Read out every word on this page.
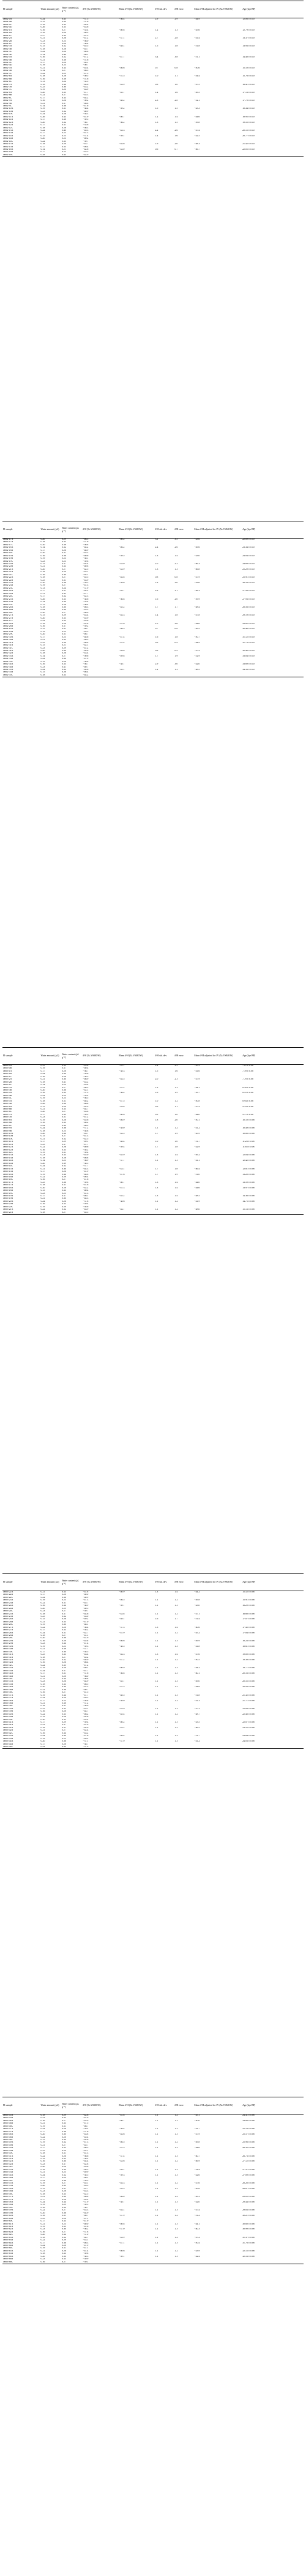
FI sample	Water amount (μL)	Water content (μL g⁻¹)	δ²H (‰ VSMOW)	Mean δ²H (‰ VSMOW)	δ²H std. dev.	δ²H error	Mean δ²H adjusted for IV (‰ VSMOW)	Age (kyr BP)
Mm2-0A	0.24	0.45	−37.5	−36.4	2.9	2.9	−44.9	12.06 ± 0.10
Mm2-0B	0.15	0.32	−37.6					
Mm2-0C	0.18	0.33	−44.4					
Mm2-0D	0.26	0.35	−43.6					
Mm2-1A	0.16	0.27	−35.4	−40.8	1.2	1.3	−45.6	12.79 ± 0.10
Mm2-1B	0.18	0.24	−40.9					
Mm2-1C	0.27	0.39	−41.5					
Mm2-2A	0.21	0.26	−41.2	−37.1	2.7	2.8	−41.4	13.37 ± 0.10
Mm2-2B	0.23	0.23	−36.0					
Mm2-2C	0.13	0.24	−38.4					
Mm2-3A	0.15	0.32	−45.5	−48.1	1.5	1.8	−51.8	13.93 ± 0.10
Mm2-3B	0.18	0.28	−45.7					
Mm2-3C	0.22	0.24	−48.8					
Mm2-3D	0.14	0.48	−40.1					
Mm2-4A	0.16	0.32	−47.2	−47.7	3.4	3.8	−51.1	14.48 ± 0.10
Mm2-4B	0.21	0.38	−51.6					
Mm2-4C	0.17	0.28	−44.1					
Mm2-4D	0.19	0.23	−50.7					
Mm2-5A	0.21	0.33	−45.4	−46.6	0.7	0.8	−50.6	15.10 ± 0.10
Mm2-5B	0.14	0.27	−46.5					
Mm2-5C	0.22	0.25	−47.5					
Mm2-6A	0.18	0.28	−50.5	−51.5	1.0	1.1	−54.4	15.76 ± 0.10
Mm2-6B	0.16	0.38	−51.6					
Mm2-6C	0.13	0.24	−52.5					
Mm2-7A	0.18	0.34	−44.6	−43.9	0.8	1.0	−47.5	16.41 ± 0.10
Mm2-7B	0.25	0.30	−43.2					
Mm2-7C	0.19	0.20	−43.9					
Mm2-8A	0.20	0.35	−47.7	−45.7	1.4	1.6	−49.5	17.13 ± 0.10
Mm2-8B	0.22	0.27	−45.3					
Mm2-8C	0.17	0.33	−44.2					
Mm2-9A	0.16	0.26	−50.2	−48.2	2.3	2.8	−52.1	17.70 ± 0.10
Mm2-9B	0.21	0.37	−46.8					
Mm2-9C	0.14	0.36	−47.6					
Mm2-10A	0.19	0.31	−38.4	−39.2	1.5	1.5	−43.3	18.34 ± 0.10
Mm2-10B	0.23	0.32	−40.9					
Mm2-10C	0.24	0.28	−38.3					
Mm2-11A	0.26	0.43	−41.9	−40.7	1.2	1.4	−44.6	18.95 ± 0.10
Mm2-11B	0.17	0.38	−39.5					
Mm2-12A	0.20	0.32	−36.7	−36.2	1.3	1.5	−39.8	19.55 ± 0.10
Mm2-12B	0.17	0.31	−35.6					
Mm2-12C	0.18	0.28	−36.3					
Mm2-13A	0.22	0.40	−45.3	−43.3	2.2	2.6	−47.4	20.15 ± 0.10
Mm2-13B	0.17	0.25	−41.3					
Mm2-14A	0.15	0.25	−37.4	−39.1	1.4	1.6	−42.5	20.77 ± 0.10
Mm2-14B	0.20	0.23	−40.2					
Mm2-14C	0.22	0.35	−39.7					
Mm2-15A	0.18	0.29	−43.7	−44.6	1.9	2.0	−48.3	21.42 ± 0.10
Mm2-15B	0.17	0.35	−46.4					
Mm2-16A	0.14	0.21	−42.6	−43.0	0.6	0.7	−46.7	22.05 ± 0.10
Mm2-16B	0.17	0.25	−43.5					
Mm2-16C	0.28	0.43	−42.9					
FI sample	Water amount (μL)	Water content (μL g⁻¹)	δ²H (‰ VSMOW)	Mean δ²H (‰ VSMOW)	δ²H std. dev.	δ²H error	Mean δ²H adjusted for IV (‰ VSMOW)	Age (kyr BP)
Mm2-17A	0.20	0.29	−46.5	−40.2	3.1	3.5	−43.6	22.69 ± 0.10
Mm2-17B	0.18	0.33	−37.6					
Mm2-17C	0.20	0.38	−36.8					
Mm2-18A	0.14	0.32	−44.2	−46.2	2.4	2.6	−49.6	23.34 ± 0.10
Mm2-18B	0.17	0.26	−48.9					
Mm2-18C	0.20	0.31	−45.3					
Mm2-19A	0.16	0.36	−40.6	−39.5	1.3	1.4	−43.0	24.04 ± 0.10
Mm2-19B	0.19	0.23	−38.1					
Mm2-19C	0.23	0.25	−39.8					
Mm2-20A	0.15	0.37	−44.4	−43.0	2.0	2.2	−46.3	24.69 ± 0.10
Mm2-20B	0.21	0.33	−40.8					
Mm2-21A	0.20	0.27	−42.5	−43.9	1.3	1.3	−46.8	25.29 ± 0.10
Mm2-21B	0.18	0.29	−45.1					
Mm2-21C	0.16	0.30	−44.1					
Mm2-22A	0.18	0.27	−45.5	−44.8	0.8	0.8	−47.9	25.91 ± 0.10
Mm2-22B	0.25	0.31	−43.9					
Mm2-23A	0.20	0.36	−39.5	−39.6	1.8	2.0	−43.6	26.59 ± 0.10
Mm2-23B	0.19	0.27	−41.3					
Mm2-23C	0.13	0.24	−37.9					
Mm2-24A	0.17	0.31	−44.2	−44.7	2.8	3.1	−48.3	27.26 ± 0.10
Mm2-24B	0.21	0.42	−47.7					
Mm2-24C	0.17	0.32	−42.3					
Mm2-25A	0.26	0.35	−38.6	−36.8	1.6	2.0	−39.9	27.93 ± 0.10
Mm2-25B	0.14	0.34	−35.4					
Mm2-25C	0.15	0.28	−36.4					
Mm2-26A	0.18	0.30	−46.3	−45.2	1.7	1.7	−48.4	28.56 ± 0.10
Mm2-26B	0.24	0.34	−43.3					
Mm2-26C	0.20	0.27	−46.0					
Mm2-27A	0.15	0.29	−43.4	−44.3	1.4	1.8	−47.8	29.19 ± 0.10
Mm2-27B	0.20	0.35	−45.9					
Mm2-27C	0.22	0.33	−43.6					
Mm2-28A	0.18	0.28	−42.8	−41.0	2.5	2.6	−44.6	29.82 ± 0.10
Mm2-28B	0.16	0.37	−39.2					
Mm2-29A	0.15	0.31	−46.7	−46.3	0.7	0.8	−49.5	30.48 ± 0.10
Mm2-29B	0.19	0.23	−45.5					
Mm2-29C	0.20	0.31	−46.7					
Mm2-30A	0.17	0.25	−48.6	−47.4	1.6	1.8	−50.7	31.12 ± 0.10
Mm2-30B	0.21	0.33	−46.3					
Mm2-31A	0.25	0.38	−40.8	−41.4	0.9	0.9	−44.9	31.79 ± 0.10
Mm2-31B	0.15	0.21	−42.1					
Mm2-31C	0.23	0.29	−41.2					
Mm2-32A	0.20	0.34	−44.6	−44.0	0.8	0.9	−47.2	32.40 ± 0.10
Mm2-32B	0.18	0.26	−43.4					
Mm2-33A	0.14	0.27	−50.6	−49.8	1.7	1.9	−52.9	33.04 ± 0.10
Mm2-33B	0.22	0.34	−47.9					
Mm2-33C	0.19	0.26	−50.8					
Mm2-34A	0.16	0.33	−36.7	−38.7	2.9	3.0	−42.0	33.69 ± 0.10
Mm2-34B	0.23	0.41	−40.7					
Mm2-35A	0.24	0.32	−44.6	−45.1	1.2	1.3	−48.5	34.33 ± 0.10
Mm2-35B	0.15	0.26	−46.4					
Mm2-35C	0.18	0.35	−44.2					
FI sample	Water amount (μL)	Water content (μL g⁻¹)	δ²H (‰ VSMOW)	Mean δ²H (‰ VSMOW)	δ²H std. dev.	δ²H error	Mean δ²H adjusted for IV (‰ VSMOW)	Age (kyr BP)
Mm3-0A	0.25	0.33	−43.8	−42.1	2.4	2.5	−45.2	7.01 ± 0.08
Mm3-0B	0.19	0.37	−40.4					
Mm3-1A	0.17	0.28	−36.7	−38.3	1.5	1.6	−41.6	7.39 ± 0.08
Mm3-1B	0.24	0.34	−39.6					
Mm3-1C	0.16	0.26	−38.5					
Mm3-2A	0.21	0.30	−46.9	−44.5	2.0	2.3	−47.9	7.78 ± 0.08
Mm3-2B	0.18	0.41	−43.2					
Mm3-2C	0.14	0.22	−43.4					
Mm3-3A	0.23	0.27	−40.3	−41.2	1.3	1.3	−44.1	8.16 ± 0.08
Mm3-3B	0.20	0.36	−42.1					
Mm3-4A	0.16	0.33	−37.5	−36.4	1.6	1.9	−39.7	8.55 ± 0.08
Mm3-4B	0.22	0.29	−35.2					
Mm3-4C	0.19	0.25	−36.5					
Mm3-5A	0.18	0.31	−48.2	−47.5	1.0	1.2	−50.8	8.94 ± 0.08
Mm3-5B	0.26	0.38	−46.8					
Mm3-6A	0.15	0.24	−42.9	−43.8	0.9	1.1	−47.2	9.33 ± 0.08
Mm3-6B	0.21	0.35	−44.7					
Mm3-6C	0.20	0.27	−43.8					
Mm3-7A	0.17	0.39	−39.9	−40.6	0.9	1.0	−44.0	9.71 ± 0.08
Mm3-7B	0.23	0.31	−41.2					
Mm3-8A	0.19	0.28	−45.6	−46.9	1.8	2.0	−50.1	10.10 ± 0.08
Mm3-8B	0.16	0.33	−48.2					
Mm3-8C	0.22	0.30	−46.9					
Mm3-9A	0.24	0.36	−37.2	−38.0	1.1	1.2	−41.2	10.49 ± 0.08
Mm3-9B	0.18	0.25	−38.8					
Mm3-10A	0.20	0.34	−43.7	−42.5	1.7	1.9	−45.9	10.88 ± 0.08
Mm3-10B	0.15	0.27	−41.3					
Mm3-10C	0.21	0.32	−42.5					
Mm3-11A	0.17	0.29	−49.1	−48.4	1.0	1.0	−51.7	11.26 ± 0.08
Mm3-11B	0.25	0.37	−47.7					
Mm3-12A	0.22	0.26	−40.6	−39.4	1.7	1.8	−42.9	11.65 ± 0.08
Mm3-12B	0.16	0.35	−38.2					
Mm3-12C	0.19	0.31	−39.4					
Mm3-13A	0.23	0.33	−45.0	−45.9	1.3	1.4	−49.2	12.04 ± 0.08
Mm3-13B	0.18	0.28	−46.8					
Mm3-14A	0.14	0.25	−36.9	−37.7	1.1	1.3	−41.1	12.42 ± 0.08
Mm3-14B	0.20	0.39	−38.5					
Mm3-14C	0.24	0.32	−37.7					
Mm3-15A	0.21	0.30	−44.3	−43.1	1.7	1.8	−46.4	12.81 ± 0.08
Mm3-15B	0.17	0.26	−41.9					
Mm3-16A	0.19	0.34	−48.8	−47.6	1.7	1.9	−51.0	13.20 ± 0.08
Mm3-16B	0.22	0.29	−46.4					
Mm3-16C	0.16	0.27	−47.6					
Mm3-17A	0.25	0.36	−39.8	−40.7	1.3	1.4	−44.0	13.59 ± 0.08
Mm3-17B	0.18	0.31	−41.6					
Mm3-18A	0.20	0.28	−42.2	−41.3	1.3	1.4	−44.6	13.97 ± 0.08
Mm3-18B	0.15	0.33	−40.4					
Mm3-18C	0.23	0.25	−41.3					
Mm3-19A	0.17	0.37	−46.1	−45.2	1.3	1.4	−48.5	14.36 ± 0.08
Mm3-19B	0.21	0.30	−44.3					
Mm3-20A	0.24	0.26	−37.8	−38.6	1.1	1.2	−41.9	14.75 ± 0.08
Mm3-20B	0.16	0.35	−39.4					
Mm3-20C	0.19	0.29	−38.6					
Mm3-21A	0.22	0.32	−43.9	−44.7	1.1	1.2	−48.0	15.13 ± 0.08
Mm3-21B	0.18	0.27	−45.5					
FI sample	Water amount (μL)	Water content (μL g⁻¹)	δ²H (‰ VSMOW)	Mean δ²H (‰ VSMOW)	δ²H std. dev.	δ²H error	Mean δ²H adjusted for IV (‰ VSMOW)	Age (kyr BP)
Mm3-22A	0.21	0.33	−41.8	−40.9	1.3	1.4	−44.2	15.52 ± 0.08
Mm3-22B	0.17	0.28	−40.0					
Mm3-22C	0.24	0.36	−40.9					
Mm3-23A	0.19	0.25	−47.3	−46.5	1.1	1.2	−49.8	15.91 ± 0.08
Mm3-23B	0.22	0.31	−45.7					
Mm3-24A	0.16	0.34	−38.9	−39.7	1.1	1.3	−43.0	16.29 ± 0.08
Mm3-24B	0.20	0.29	−40.5					
Mm3-24C	0.23	0.27	−39.7					
Mm3-25A	0.18	0.37	−44.6	−43.8	1.1	1.2	−47.1	16.68 ± 0.08
Mm3-25B	0.25	0.32	−43.0					
Mm3-26A	0.15	0.26	−49.2	−48.1	1.6	1.7	−51.4	17.07 ± 0.08
Mm3-26B	0.21	0.35	−47.0					
Mm3-26C	0.19	0.30	−48.1					
Mm3-27A	0.22	0.28	−36.4	−37.3	1.3	1.4	−40.6	17.45 ± 0.08
Mm3-27B	0.17	0.33	−38.2					
Mm3-28A	0.24	0.31	−42.7	−41.9	1.1	1.2	−45.2	17.84 ± 0.08
Mm3-28B	0.18	0.27	−41.1					
Mm3-28C	0.20	0.36	−41.9					
Mm3-29A	0.16	0.29	−45.8	−46.6	1.1	1.3	−49.9	18.23 ± 0.08
Mm3-29B	0.23	0.34	−47.4					
Mm3-30A	0.19	0.25	−39.3	−38.5	1.1	1.3	−41.8	18.61 ± 0.08
Mm3-30B	0.21	0.38	−37.7					
Mm3-30C	0.17	0.30	−38.5					
Mm3-31A	0.25	0.33	−43.4	−44.3	1.3	1.4	−47.6	19.00 ± 0.08
Mm3-31B	0.18	0.27	−45.2					
Mm3-32A	0.20	0.32	−48.0	−47.2	1.1	1.2	−50.5	19.39 ± 0.08
Mm3-32B	0.16	0.26	−46.4					
Mm3-32C	0.22	0.35	−47.2					
Mm3-33A	0.19	0.29	−40.1	−40.9	1.1	1.3	−44.2	19.77 ± 0.08
Mm3-33B	0.24	0.37	−41.7					
Mm3-34A	0.17	0.31	−37.6	−36.8	1.1	1.3	−40.1	20.16 ± 0.08
Mm3-34B	0.21	0.28	−36.0					
Mm3-34C	0.15	0.34	−36.8					
Mm3-35A	0.23	0.26	−44.9	−45.7	1.1	1.3	−49.0	20.55 ± 0.08
Mm3-35B	0.18	0.33	−46.5					
Mm3-36A	0.20	0.30	−42.3	−41.5	1.1	1.2	−44.8	20.93 ± 0.08
Mm3-36B	0.22	0.36	−40.7					
Mm3-36C	0.16	0.27	−41.5					
Mm3-37A	0.19	0.34	−47.7	−48.5	1.1	1.3	−51.8	21.32 ± 0.08
Mm3-37B	0.24	0.29	−49.3					
Mm3-38A	0.17	0.25	−38.8	−38.0	1.1	1.3	−41.3	21.71 ± 0.08
Mm3-38B	0.21	0.38	−37.2					
Mm3-38C	0.18	0.31	−38.0					
Mm3-39A	0.25	0.32	−43.1	−43.9	1.1	1.3	−47.2	22.09 ± 0.08
Mm3-39B	0.16	0.28	−44.7					
Mm3-40A	0.22	0.35	−46.2	−45.4	1.1	1.2	−48.7	22.48 ± 0.08
Mm3-40B	0.19	0.26	−44.6					
Mm3-40C	0.20	0.33	−45.4					
Mm3-41A	0.17	0.29	−39.4	−40.2	1.1	1.3	−43.5	22.87 ± 0.08
Mm3-41B	0.23	0.37	−41.0					
Mm3-42A	0.18	0.31	−44.0	−43.2	1.1	1.2	−46.5	23.25 ± 0.08
Mm3-42B	0.21	0.27	−42.4					
Mm3-42C	0.16	0.34	−43.2					
Mm3-43A	0.24	0.30	−47.6	−48.4	1.1	1.3	−51.7	23.64 ± 0.08
Mm3-43B	0.19	0.25	−49.2					
Mm3-44A	0.20	0.36	−37.1	−37.9	1.1	1.3	−41.2	24.03 ± 0.08
Mm3-44B	0.17	0.28	−38.7					
Mm3-44C	0.22	0.32	−37.9					
FI sample	Water amount (μL)	Water content (μL g⁻¹)	δ²H (‰ VSMOW)	Mean δ²H (‰ VSMOW)	δ²H std. dev.	δ²H error	Mean δ²H adjusted for IV (‰ VSMOW)	Age (kyr BP)
Mm3-45A	0.18	0.29	−42.6	−41.8	1.1	1.2	−45.1	24.41 ± 0.08
Mm3-45B	0.23	0.35	−41.0					
Mm3-46A	0.16	0.27	−45.9	−46.7	1.1	1.3	−50.0	24.80 ± 0.08
Mm3-46B	0.21	0.33	−47.5					
Mm3-46C	0.19	0.31	−46.7					
Mm3-47A	0.24	0.26	−39.2	−38.4	1.1	1.3	−41.7	25.19 ± 0.08
Mm3-47B	0.17	0.36	−37.6					
Mm3-48A	0.20	0.30	−43.8	−44.6	1.1	1.3	−47.9	25.57 ± 0.08
Mm3-48B	0.22	0.28	−45.4					
Mm3-48C	0.15	0.34	−44.6					
Mm3-49A	0.19	0.32	−47.3	−46.5	1.1	1.2	−49.8	25.96 ± 0.08
Mm3-49B	0.21	0.27	−45.7					
Mm3-50A	0.17	0.35	−40.5	−41.3	1.1	1.3	−44.6	26.35 ± 0.08
Mm3-50B	0.25	0.29	−42.1					
Mm3-50C	0.18	0.31	−41.3					
Mm3-51A	0.22	0.26	−36.6	−37.4	1.1	1.3	−40.7	26.73 ± 0.08
Mm3-51B	0.19	0.33	−38.2					
Mm3-52A	0.16	0.30	−44.4	−43.6	1.1	1.2	−46.9	27.12 ± 0.08
Mm3-52B	0.23	0.37	−42.8					
Mm3-52C	0.20	0.28	−43.6					
Mm3-53A	0.18	0.34	−48.3	−49.1	1.1	1.3	−52.4	27.51 ± 0.08
Mm3-53B	0.21	0.25	−49.9					
Mm3-54A	0.24	0.32	−38.5	−39.3	1.1	1.3	−42.6	27.89 ± 0.08
Mm3-54B	0.17	0.29	−40.1					
Mm3-54C	0.22	0.36	−39.3					
Mm3-55A	0.19	0.27	−45.1	−44.3	1.1	1.2	−47.6	28.28 ± 0.08
Mm3-55B	0.20	0.33	−43.5					
Mm3-56A	0.15	0.31	−41.7	−42.5	1.1	1.3	−45.8	28.67 ± 0.08
Mm3-56B	0.23	0.28	−43.3					
Mm3-56C	0.18	0.35	−42.5					
Mm3-57A	0.21	0.30	−46.8	−46.0	1.1	1.2	−49.3	29.05 ± 0.08
Mm3-57B	0.17	0.26	−45.2					
Mm3-58A	0.24	0.34	−37.9	−38.7	1.1	1.3	−42.0	29.44 ± 0.08
Mm3-58B	0.19	0.29	−39.5					
Mm3-58C	0.16	0.32	−38.7					
Mm3-59A	0.22	0.27	−43.3	−44.1	1.1	1.3	−47.4	29.83 ± 0.08
Mm3-59B	0.20	0.36	−44.9					
Mm3-60A	0.18	0.31	−48.7	−47.9	1.1	1.2	−51.2	30.21 ± 0.08
Mm3-60B	0.25	0.28	−47.1					
Mm3-60C	0.17	0.33	−47.9					
Mm3-61A	0.21	0.25	−40.0	−40.8	1.1	1.3	−44.1	30.60 ± 0.08
Mm3-61B	0.19	0.35	−41.6					
Mm3-62A	0.23	0.30	−36.2	−37.0	1.1	1.3	−40.3	30.99 ± 0.08
Mm3-62B	0.16	0.27	−37.8					
Mm3-62C	0.20	0.34	−37.0					
Mm3-63A	0.18	0.32	−44.7	−43.9	1.1	1.2	−47.2	31.37 ± 0.08
Mm3-63B	0.22	0.29	−43.1					
Mm3-64A	0.17	0.36	−46.3	−47.1	1.1	1.3	−50.4	31.76 ± 0.08
Mm3-64B	0.24	0.28	−47.9					
Mm3-64C	0.19	0.31	−47.1					
Mm3-65A	0.21	0.26	−41.4	−40.6	1.1	1.2	−43.9	32.15 ± 0.08
Mm3-65B	0.18	0.33	−39.8					
Mm3-66A	0.20	0.30	−38.3	−39.1	1.1	1.3	−42.4	32.53 ± 0.08
Mm3-66B	0.23	0.35	−39.9					
Mm3-66C	0.16	0.27	−39.1					
